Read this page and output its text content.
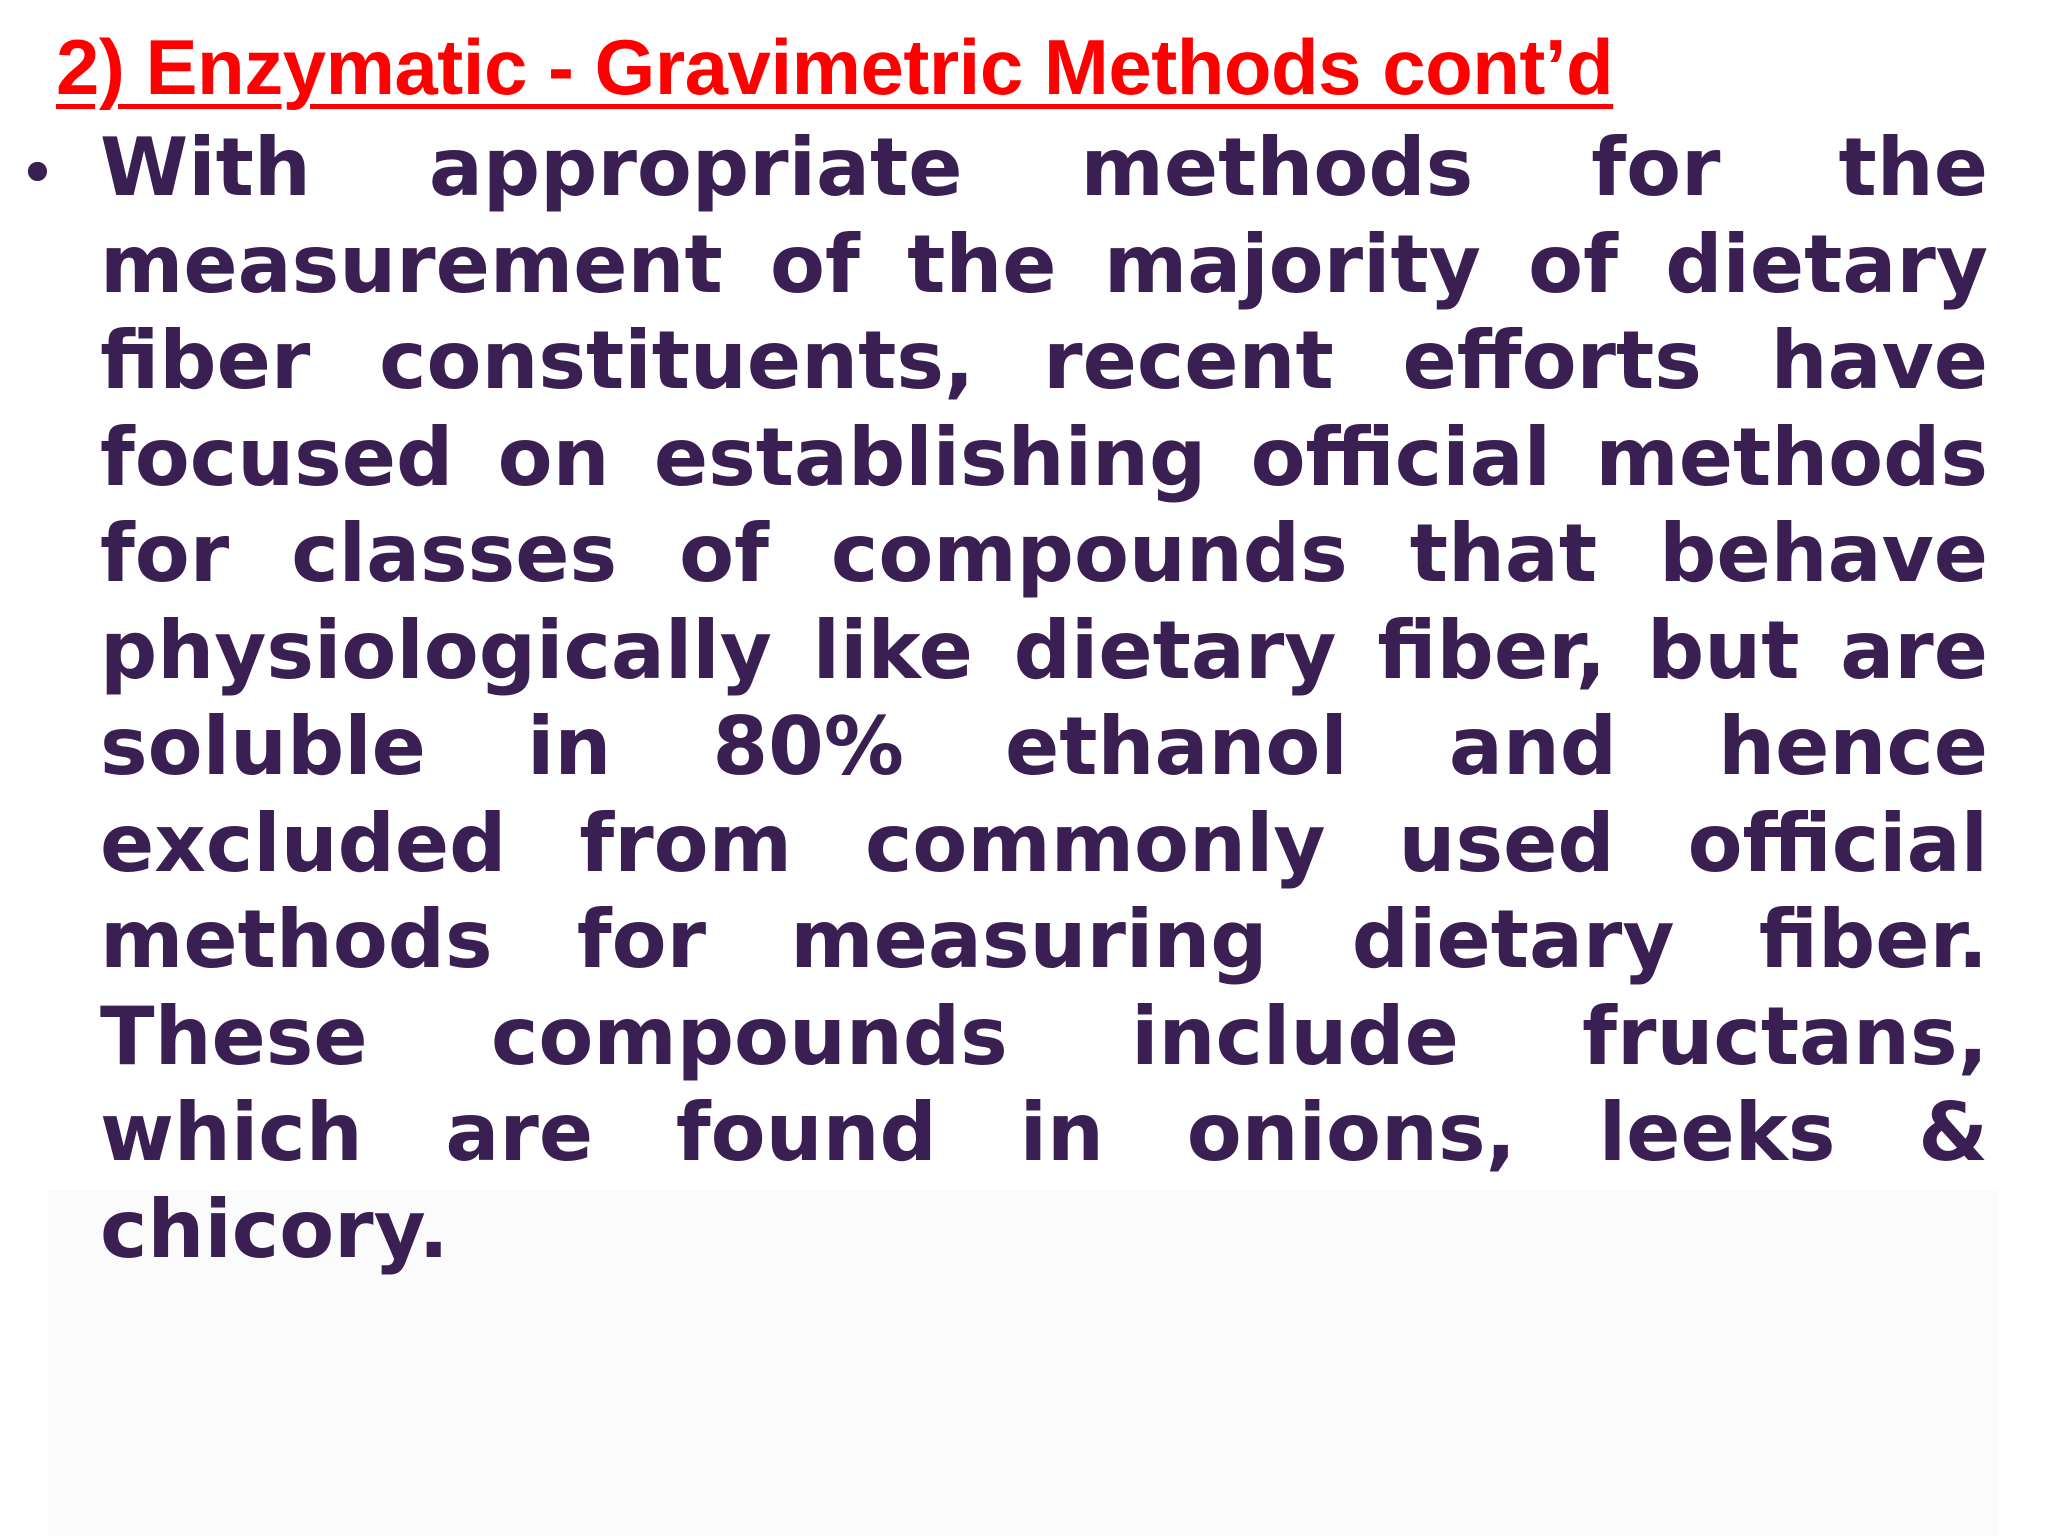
2) Enzymatic - Gravimetric Methods cont’d
• With appropriate methods for the measurement of the majority of dietary fiber constituents, recent efforts have focused on establishing official methods for classes of compounds that behave physiologically like dietary fiber, but are soluble in 80% ethanol and hence excluded from commonly used official methods for measuring dietary fiber. These compounds include fructans, which are found in onions, leeks & chicory.
